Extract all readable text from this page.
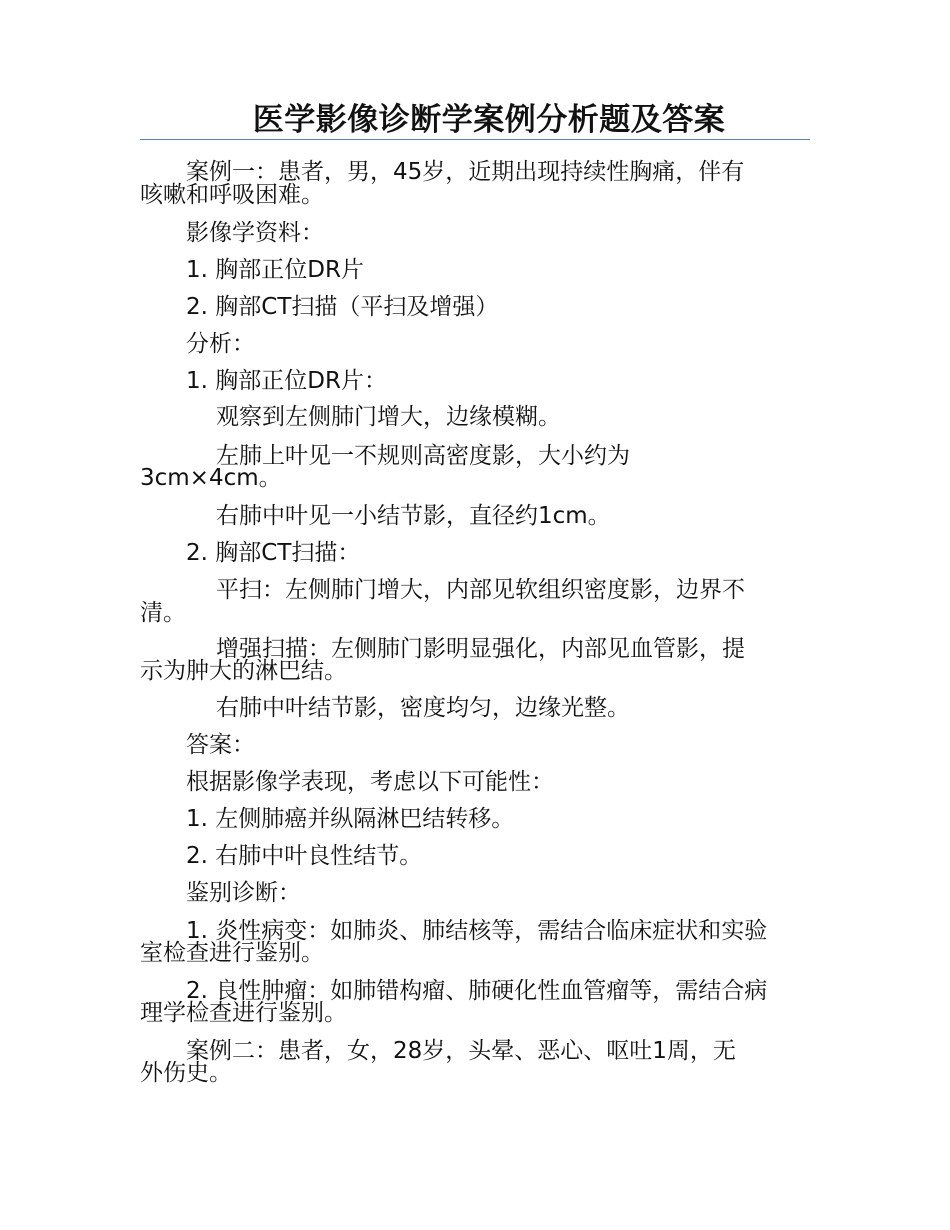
医学影像诊断学案例分析题及答案
案例一：患者，男，45岁，近期出现持续性胸痛，伴有
咳嗽和呼吸困难。
影像学资料：
1. 胸部正位DR片
2. 胸部CT扫描（平扫及增强）
分析：
1. 胸部正位DR片：
观察到左侧肺门增大，边缘模糊。
左肺上叶见一不规则高密度影，大小约为
3cm×4cm。
右肺中叶见一小结节影，直径约1cm。
2. 胸部CT扫描：
平扫：左侧肺门增大，内部见软组织密度影，边界不
清。
增强扫描：左侧肺门影明显强化，内部见血管影，提
示为肿大的淋巴结。
右肺中叶结节影，密度均匀，边缘光整。
答案：
根据影像学表现，考虑以下可能性：
1. 左侧肺癌并纵隔淋巴结转移。
2. 右肺中叶良性结节。
鉴别诊断：
1. 炎性病变：如肺炎、肺结核等，需结合临床症状和实验
室检查进行鉴别。
2. 良性肿瘤：如肺错构瘤、肺硬化性血管瘤等，需结合病
理学检查进行鉴别。
案例二：患者，女，28岁，头晕、恶心、呕吐1周，无
外伤史。
